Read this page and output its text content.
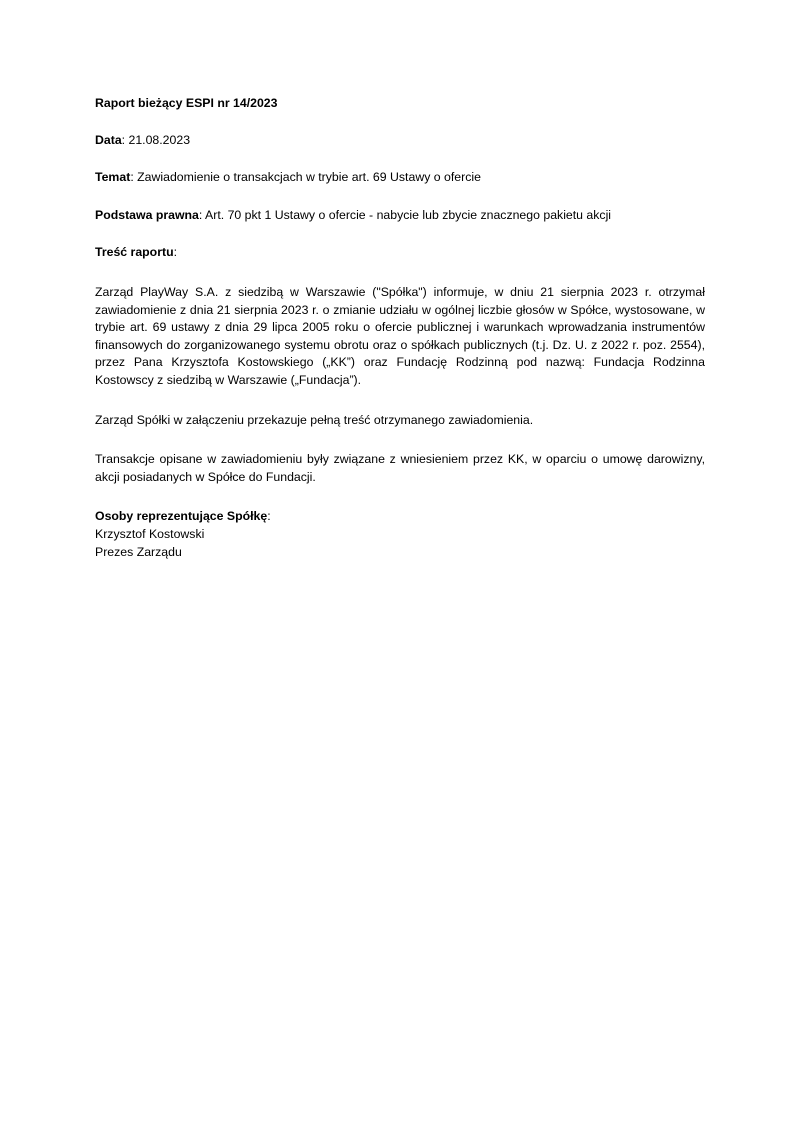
Raport bieżący ESPI nr 14/2023

Data: 21.08.2023

Temat: Zawiadomienie o transakcjach w trybie art. 69 Ustawy o ofercie

Podstawa prawna: Art. 70 pkt 1 Ustawy o ofercie - nabycie lub zbycie znacznego pakietu akcji

Treść raportu:

Zarząd PlayWay S.A. z siedzibą w Warszawie ("Spółka") informuje, w dniu 21 sierpnia 2023 r. otrzymał zawiadomienie z dnia 21 sierpnia 2023 r. o zmianie udziału w ogólnej liczbie głosów w Spółce, wystosowane, w trybie art. 69 ustawy z dnia 29 lipca 2005 roku o ofercie publicznej i warunkach wprowadzania instrumentów finansowych do zorganizowanego systemu obrotu oraz o spółkach publicznych (t.j. Dz. U. z 2022 r. poz. 2554), przez Pana Krzysztofa Kostowskiego („KK”) oraz Fundację Rodzinną pod nazwą: Fundacja Rodzinna Kostowscy z siedzibą w Warszawie („Fundacja”).

Zarząd Spółki w załączeniu przekazuje pełną treść otrzymanego zawiadomienia.

Transakcje opisane w zawiadomieniu były związane z wniesieniem przez KK, w oparciu o umowę darowizny, akcji posiadanych w Spółce do Fundacji.

Osoby reprezentujące Spółkę:

Krzysztof Kostowski

Prezes Zarządu
